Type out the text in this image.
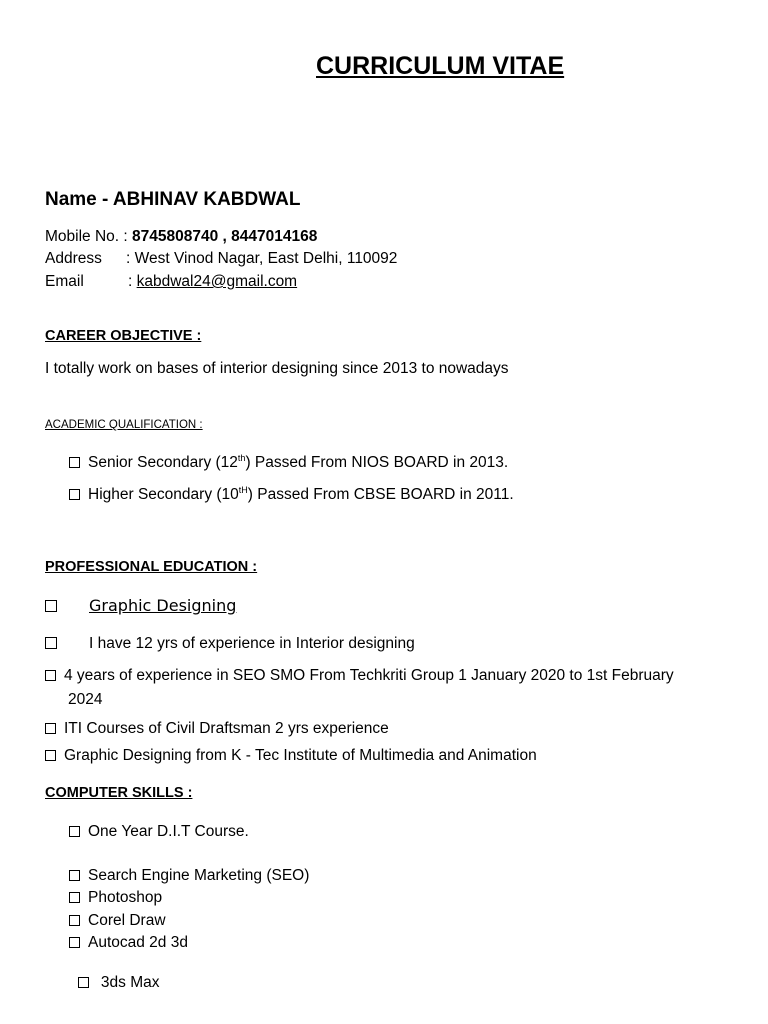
CURRICULUM VITAE
Name - ABHINAV KABDWAL
Mobile No. : 8745808740 , 8447014168
Address : West Vinod Nagar, East Delhi, 110092
Email	: kabdwal24@gmail.com
CAREER OBJECTIVE :
I totally work on bases of interior designing since 2013 to nowadays
ACADEMIC QUALIFICATION :
Senior Secondary (12th) Passed From NIOS BOARD in 2013.
Higher Secondary (10tH) Passed From CBSE BOARD in 2011.
PROFESSIONAL EDUCATION :
Graphic Designing
I have 12 yrs of experience in Interior designing
4 years of experience in SEO SMO From Techkriti Group 1 January 2020 to 1st February
2024
ITI Courses of Civil Draftsman 2 yrs experience
Graphic Designing from K - Tec Institute of Multimedia and Animation
COMPUTER SKILLS :
One Year D.I.T Course.
Search Engine Marketing (SEO)
Photoshop
Corel Draw
Autocad 2d 3d

3ds Max
